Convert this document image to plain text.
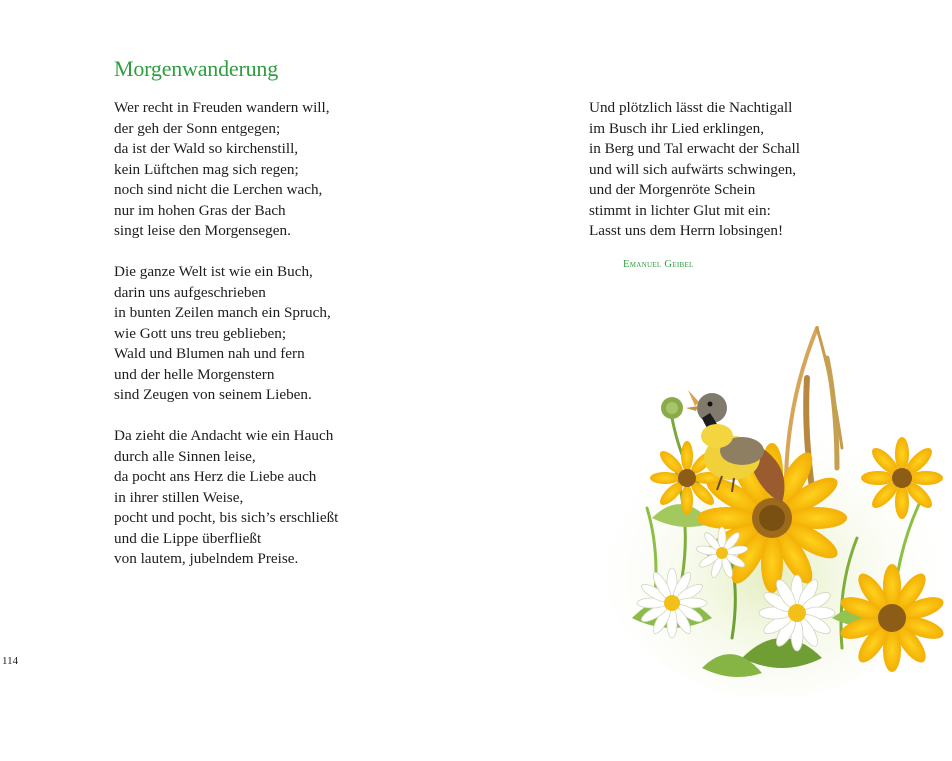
Morgenwanderung
Wer recht in Freuden wandern will,
der geh der Sonn entgegen;
da ist der Wald so kirchenstill,
kein Lüftchen mag sich regen;
noch sind nicht die Lerchen wach,
nur im hohen Gras der Bach
singt leise den Morgensegen.
Die ganze Welt ist wie ein Buch,
darin uns aufgeschrieben
in bunten Zeilen manch ein Spruch,
wie Gott uns treu geblieben;
Wald und Blumen nah und fern
und der helle Morgenstern
sind Zeugen von seinem Lieben.
Da zieht die Andacht wie ein Hauch
durch alle Sinnen leise,
da pocht ans Herz die Liebe auch
in ihrer stillen Weise,
pocht und pocht, bis sich’s erschließt
und die Lippe überfließt
von lautem, jubelndem Preise.
Und plötzlich lässt die Nachtigall
im Busch ihr Lied erklingen,
in Berg und Tal erwacht der Schall
und will sich aufwärts schwingen,
und der Morgenröte Schein
stimmt in lichter Glut mit ein:
Lasst uns dem Herrn lobsingen!
Emanuel Geibel
114
